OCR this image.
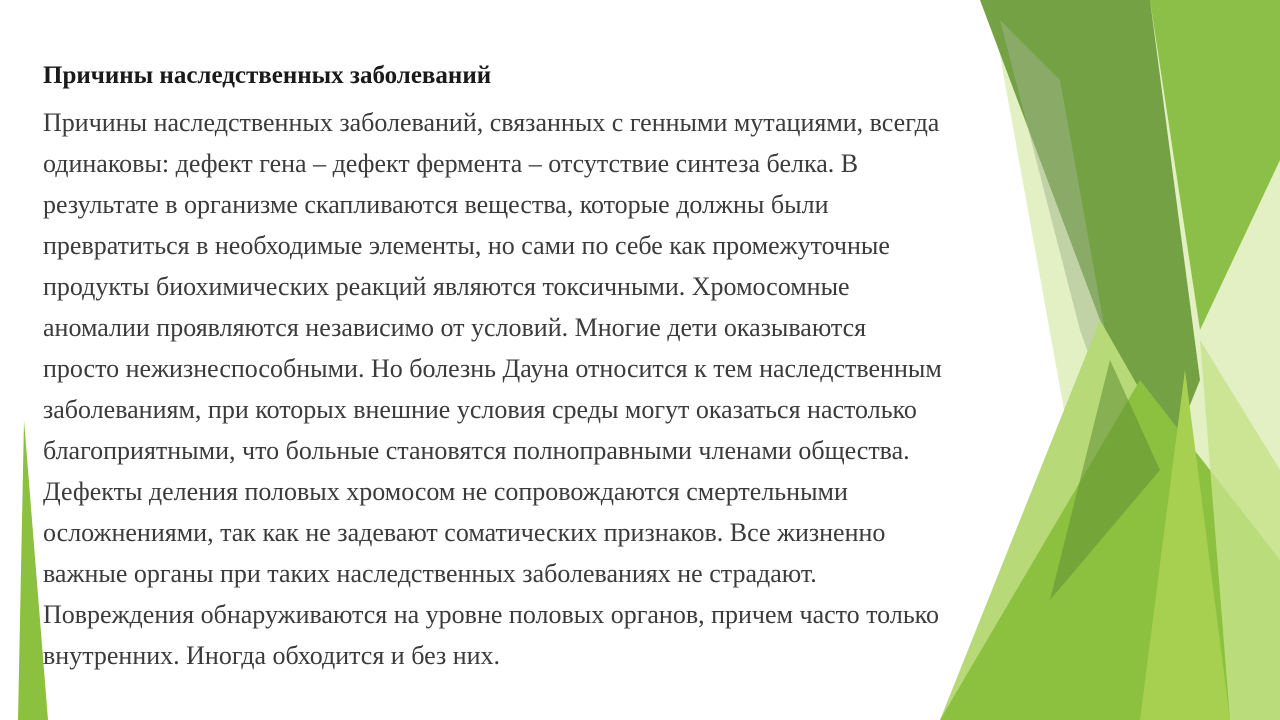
Причины наследственных заболеваний
Причины наследственных заболеваний, связанных с генными мутациями, всегда
одинаковы: дефект гена – дефект фермента – отсутствие синтеза белка. В
результате в организме скапливаются вещества, которые должны были
превратиться в необходимые элементы, но сами по себе как промежуточные
продукты биохимических реакций являются токсичными. Хромосомные
аномалии проявляются независимо от условий. Многие дети оказываются
просто нежизнеспособными. Но болезнь Дауна относится к тем наследственным
заболеваниям, при которых внешние условия среды могут оказаться настолько
благоприятными, что больные становятся полноправными членами общества.
Дефекты деления половых хромосом не сопровождаются смертельными
осложнениями, так как не задевают соматических признаков. Все жизненно
важные органы при таких наследственных заболеваниях не страдают.
Повреждения обнаруживаются на уровне половых органов, причем часто только
внутренних. Иногда обходится и без них.
